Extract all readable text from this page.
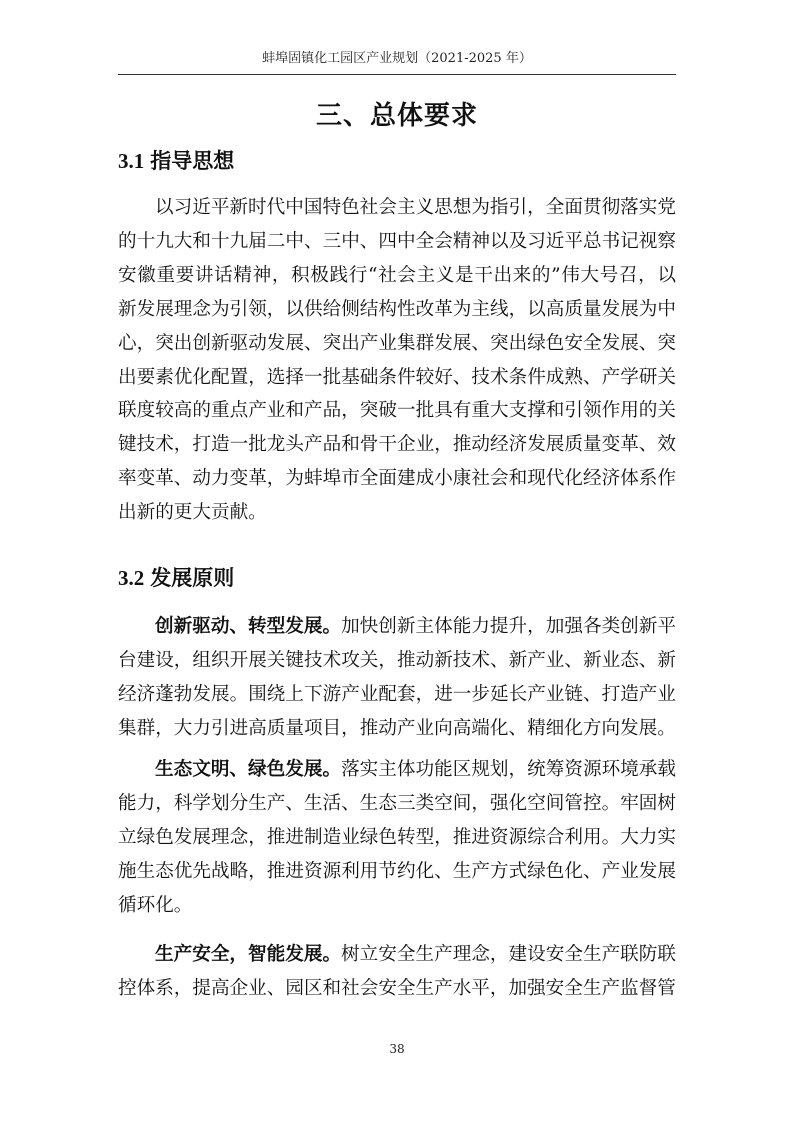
蚌埠固镇化工园区产业规划（2021-2025 年）
三、总体要求
3.1 指导思想

以习近平新时代中国特色社会主义思想为指引，全面贯彻落实党的十九大和十九届二中、三中、四中全会精神以及习近平总书记视察安徽重要讲话精神，积极践行“社会主义是干出来的”伟大号召，以新发展理念为引领，以供给侧结构性改革为主线，以高质量发展为中心，突出创新驱动发展、突出产业集群发展、突出绿色安全发展、突出要素优化配置，选择一批基础条件较好、技术条件成熟、产学研关联度较高的重点产业和产品，突破一批具有重大支撑和引领作用的关键技术，打造一批龙头产品和骨干企业，推动经济发展质量变革、效率变革、动力变革，为蚌埠市全面建成小康社会和现代化经济体系作出新的更大贡献。

3.2 发展原则

创新驱动、转型发展。加快创新主体能力提升，加强各类创新平台建设，组织开展关键技术攻关，推动新技术、新产业、新业态、新经济蓬勃发展。围绕上下游产业配套，进一步延长产业链、打造产业集群，大力引进高质量项目，推动产业向高端化、精细化方向发展。

生态文明、绿色发展。落实主体功能区规划，统筹资源环境承载能力，科学划分生产、生活、生态三类空间，强化空间管控。牢固树立绿色发展理念，推进制造业绿色转型，推进资源综合利用。大力实施生态优先战略，推进资源利用节约化、生产方式绿色化、产业发展循环化。

生产安全，智能发展。树立安全生产理念，建设安全生产联防联控体系，提高企业、园区和社会安全生产水平，加强安全生产监督管

38
